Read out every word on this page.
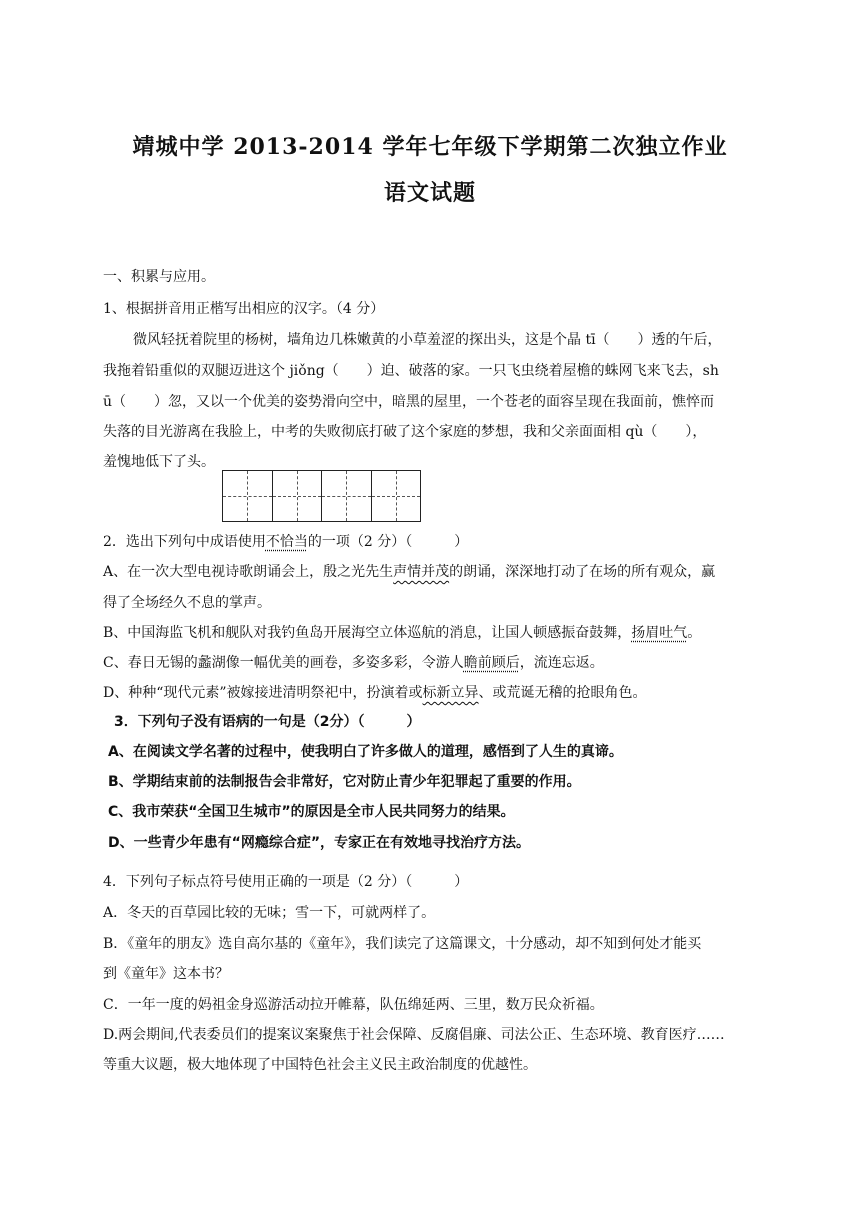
靖城中学 2013-2014 学年七年级下学期第二次独立作业
语文试题
一、积累与应用。
1、根据拼音用正楷写出相应的汉字。（4 分）
微风轻抚着院里的杨树，墙角边几株嫩黄的小草羞涩的探出头，这是个晶 tī（　　）透的午后，
我拖着铅重似的双腿迈进这个 jiǒng（　　）迫、破落的家。一只飞虫绕着屋檐的蛛网飞来飞去，sh
ū（　　）忽，又以一个优美的姿势滑向空中，暗黑的屋里，一个苍老的面容呈现在我面前，憔悴而
失落的目光游离在我脸上，中考的失败彻底打破了这个家庭的梦想，我和父亲面面相 qù（　　），
羞愧地低下了头。
2．选出下列句中成语使用不恰当的一项（2 分）（　　　）
A、在一次大型电视诗歌朗诵会上，殷之光先生声情并茂的朗诵，深深地打动了在场的所有观众，赢
得了全场经久不息的掌声。
B、中国海监飞机和舰队对我钓鱼岛开展海空立体巡航的消息，让国人顿感振奋鼓舞，扬眉吐气。
C、春日无锡的蠡湖像一幅优美的画卷，多姿多彩，令游人瞻前顾后，流连忘返。
D、种种“现代元素”被嫁接进清明祭祀中，扮演着或标新立异、或荒诞无稽的抢眼角色。
3．下列句子没有语病的一句是（2分）（　　　）
A、在阅读文学名著的过程中，使我明白了许多做人的道理，感悟到了人生的真谛。
B、学期结束前的法制报告会非常好，它对防止青少年犯罪起了重要的作用。
C、我市荣获“全国卫生城市”的原因是全市人民共同努力的结果。
D、一些青少年患有“网瘾综合症”，专家正在有效地寻找治疗方法。
4．下列句子标点符号使用正确的一项是（2 分）（　　　）
A．冬天的百草园比较的无味；雪一下，可就两样了。
B．《童年的朋友》选自高尔基的《童年》，我们读完了这篇课文，十分感动，却不知到何处才能买
到《童年》这本书？
C．一年一度的妈祖金身巡游活动拉开帷幕，队伍绵延两、三里，数万民众祈福。
D.两会期间,代表委员们的提案议案聚焦于社会保障、反腐倡廉、司法公正、生态环境、教育医疗……
等重大议题，极大地体现了中国特色社会主义民主政治制度的优越性。
